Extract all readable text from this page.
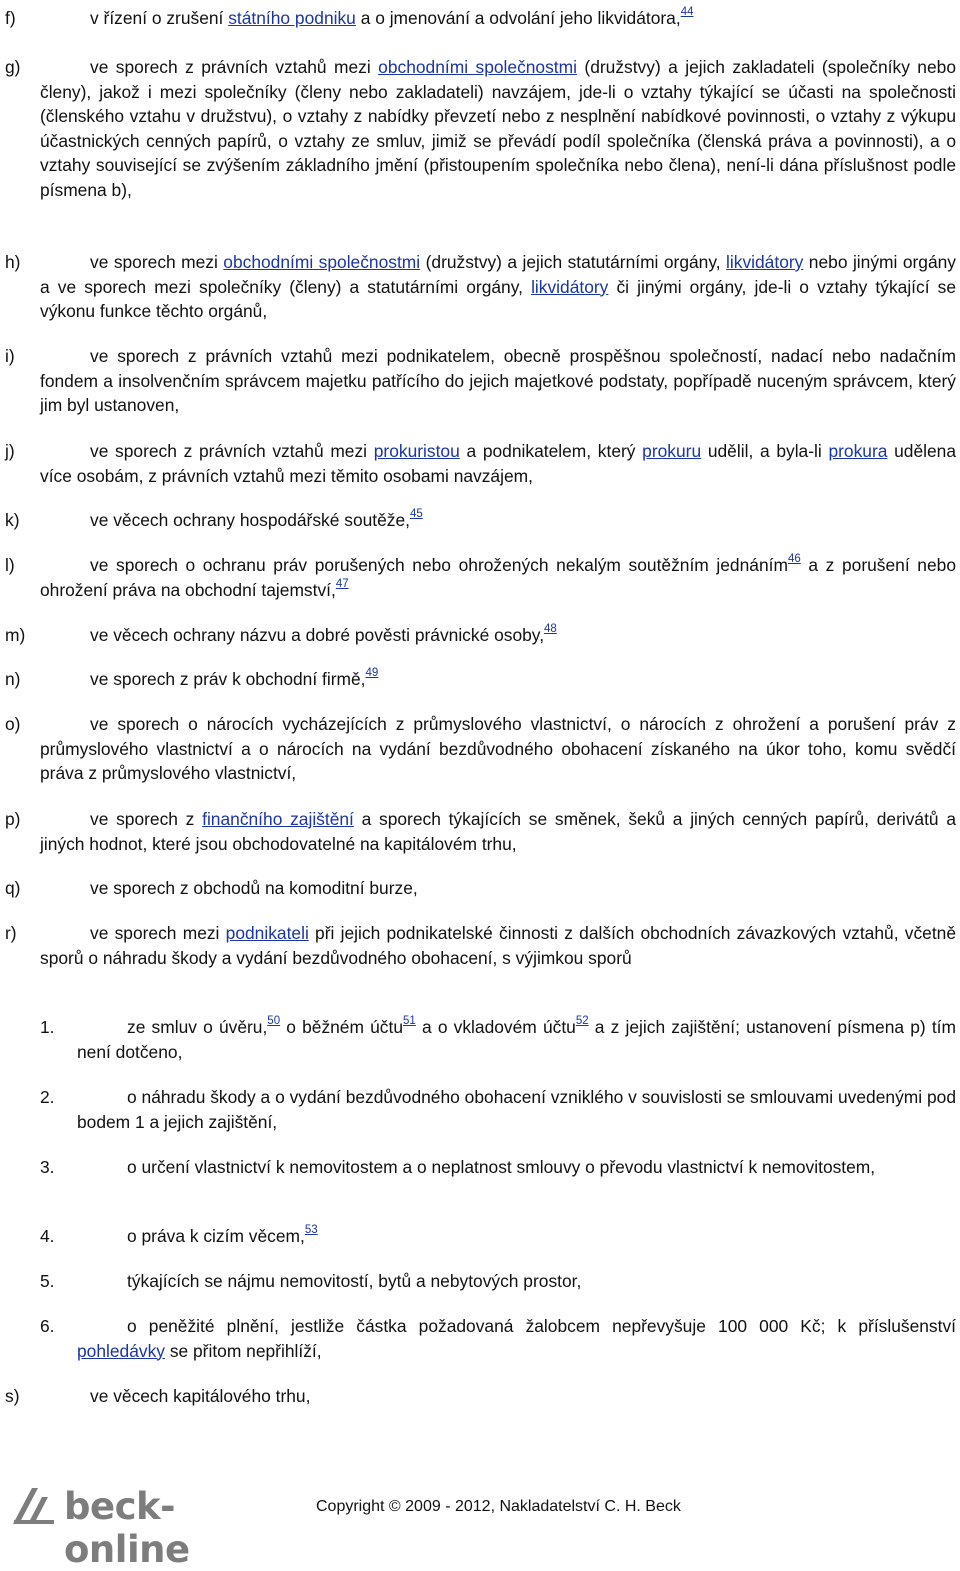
f)	v řízení o zrušení státního podniku a o jmenování a odvolání jeho likvidátora,$^{44}$
g)	ve sporech z právních vztahů mezi obchodními společnostmi (družstvy) a jejich zakladateli (společníky nebo členy), jakož i mezi společníky (členy nebo zakladateli) navzájem, jde-li o vztahy týkající se účasti na společnosti (členského vztahu v družstvu), o vztahy z nabídky převzetí nebo z nesplnění nabídkové povinnosti, o vztahy z výkupu účastnických cenných papírů, o vztahy ze smluv, jimiž se převádí podíl společníka (členská práva a povinnosti), a o vztahy související se zvýšením základního jmění (přistoupením společníka nebo člena), není-li dána příslušnost podle písmena b),
h)	ve sporech mezi obchodními společnostmi (družstvy) a jejich statutárními orgány, likvidátory nebo jinými orgány a ve sporech mezi společníky (členy) a statutárními orgány, likvidátory či jinými orgány, jde-li o vztahy týkající se výkonu funkce těchto orgánů,
i)	ve sporech z právních vztahů mezi podnikatelem, obecně prospěšnou společností, nadací nebo nadačním fondem a insolvenčním správcem majetku patřícího do jejich majetkové podstaty, popřípadě nuceným správcem, který jim byl ustanoven,
j)	ve sporech z právních vztahů mezi prokuristou a podnikatelem, který prokuru udělil, a byla-li prokura udělena více osobám, z právních vztahů mezi těmito osobami navzájem,
k)	ve věcech ochrany hospodářské soutěže,$^{45}$
l)	ve sporech o ochranu práv porušených nebo ohrožených nekalým soutěžním jednáním$^{46}$ a z porušení nebo ohrožení práva na obchodní tajemství,$^{47}$
m)	ve věcech ochrany názvu a dobré pověsti právnické osoby,$^{48}$
n)	ve sporech z práv k obchodní firmě,$^{49}$
o)	ve sporech o nárocích vycházejících z průmyslového vlastnictví, o nárocích z ohrožení a porušení práv z průmyslového vlastnictví a o nárocích na vydání bezdůvodného obohacení získaného na úkor toho, komu svědčí práva z průmyslového vlastnictví,
p)	ve sporech z finančního zajištění a sporech týkajících se směnek, šeků a jiných cenných papírů, derivátů a jiných hodnot, které jsou obchodovatelné na kapitálovém trhu,
q)	ve sporech z obchodů na komoditní burze,
r)	ve sporech mezi podnikateli při jejich podnikatelské činnosti z dalších obchodních závazkových vztahů, včetně sporů o náhradu škody a vydání bezdůvodného obohacení, s výjimkou sporů
1.	ze smluv o úvěru,$^{50}$ o běžném účtu$^{51}$ a o vkladovém účtu$^{52}$ a z jejich zajištění; ustanovení písmena p) tím není dotčeno,
2.	o náhradu škody a o vydání bezdůvodného obohacení vzniklého v souvislosti se smlouvami uvedenými pod bodem 1 a jejich zajištění,
3.	o určení vlastnictví k nemovitostem a o neplatnost smlouvy o převodu vlastnictví k nemovitostem,
4.	o práva k cizím věcem,$^{53}$
5.	týkajících se nájmu nemovitostí, bytů a nebytových prostor,
6.	o peněžité plnění, jestliže částka požadovaná žalobcem nepřevyšuje 100 000 Kč; k příslušenství pohledávky se přitom nepřihlíží,
s)	ve věcech kapitálového trhu,
beck-online
Copyright © 2009 - 2012, Nakladatelství C. H. Beck
